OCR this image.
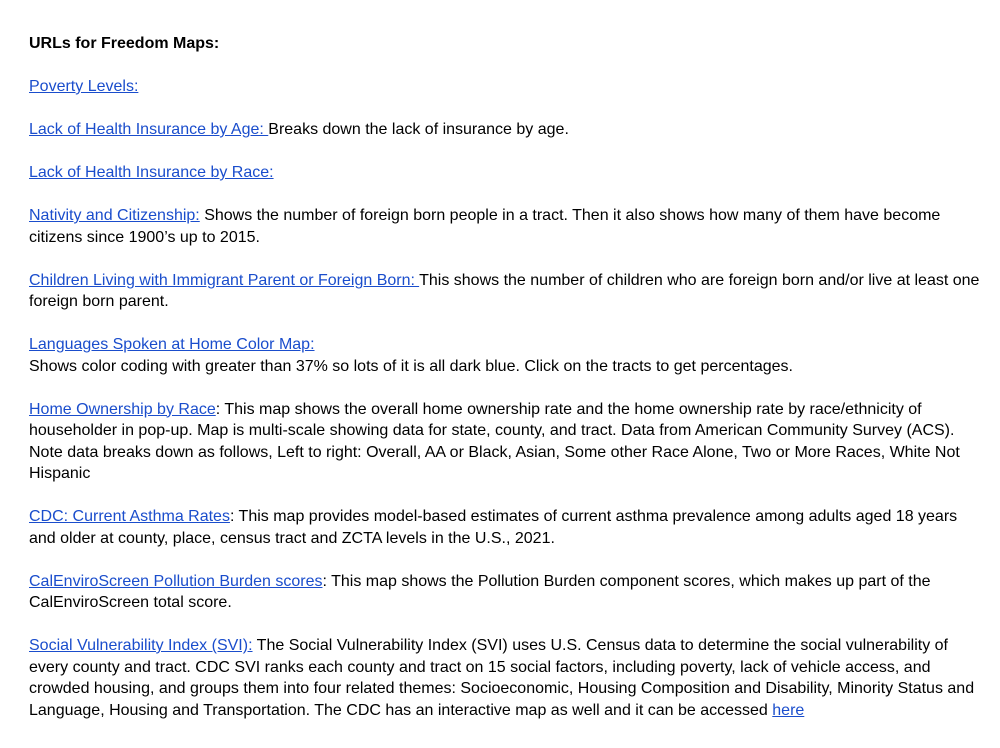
URLs for Freedom Maps:
Poverty Levels:
Lack of Health Insurance by Age: Breaks down the lack of insurance by age.
Lack of Health Insurance by Race:
Nativity and Citizenship: Shows the number of foreign born people in a tract. Then it also shows how many of them have become citizens since 1900’s up to 2015.
Children Living with Immigrant Parent or Foreign Born: This shows the number of children who are foreign born and/or live at least one foreign born parent.
Languages Spoken at Home Color Map:
Shows color coding with greater than 37% so lots of it is all dark blue. Click on the tracts to get percentages.
Home Ownership by Race: This map shows the overall home ownership rate and the home ownership rate by race/ethnicity of householder in pop-up. Map is multi-scale showing data for state, county, and tract. Data from American Community Survey (ACS). Note data breaks down as follows, Left to right: Overall, AA or Black, Asian, Some other Race Alone, Two or More Races, White Not Hispanic
CDC: Current Asthma Rates: This map provides model-based estimates of current asthma prevalence among adults aged 18 years and older at county, place, census tract and ZCTA levels in the U.S., 2021.
CalEnviroScreen Pollution Burden scores: This map shows the Pollution Burden component scores, which makes up part of the CalEnviroScreen total score.
Social Vulnerability Index (SVI): The Social Vulnerability Index (SVI) uses U.S. Census data to determine the social vulnerability of every county and tract. CDC SVI ranks each county and tract on 15 social factors, including poverty, lack of vehicle access, and crowded housing, and groups them into four related themes: Socioeconomic, Housing Composition and Disability, Minority Status and Language, Housing and Transportation. The CDC has an interactive map as well and it can be accessed here
